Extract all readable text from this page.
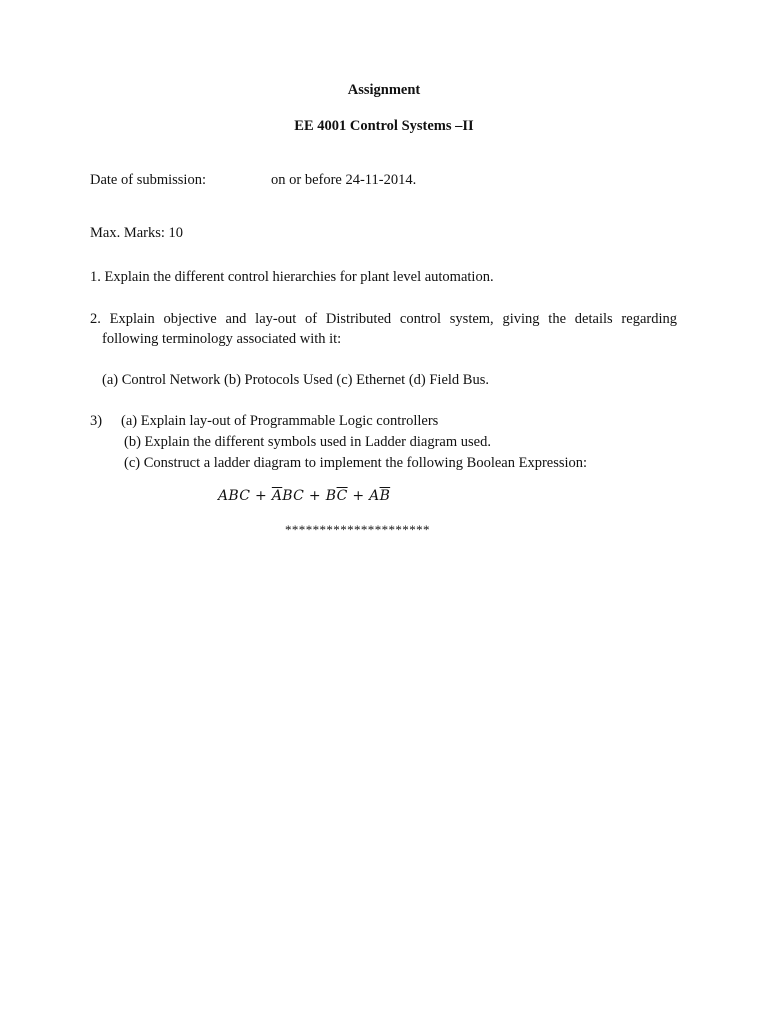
Assignment
EE 4001 Control Systems –II
Date of submission:	on or before 24-11-2014.
Max. Marks: 10
1. Explain the different control hierarchies for plant level automation.
2. Explain objective and lay-out of Distributed control system, giving the details regarding
following terminology associated with it:
(a) Control Network (b) Protocols Used (c) Ethernet (d) Field Bus.
3) (a) Explain lay-out of Programmable Logic controllers
(b) Explain the different symbols used in Ladder diagram used.
(c) Construct a ladder diagram to implement the following Boolean Expression:
ABC + $\overline{A}BC + B\overline{C} + A\overline{B}$
*********************
